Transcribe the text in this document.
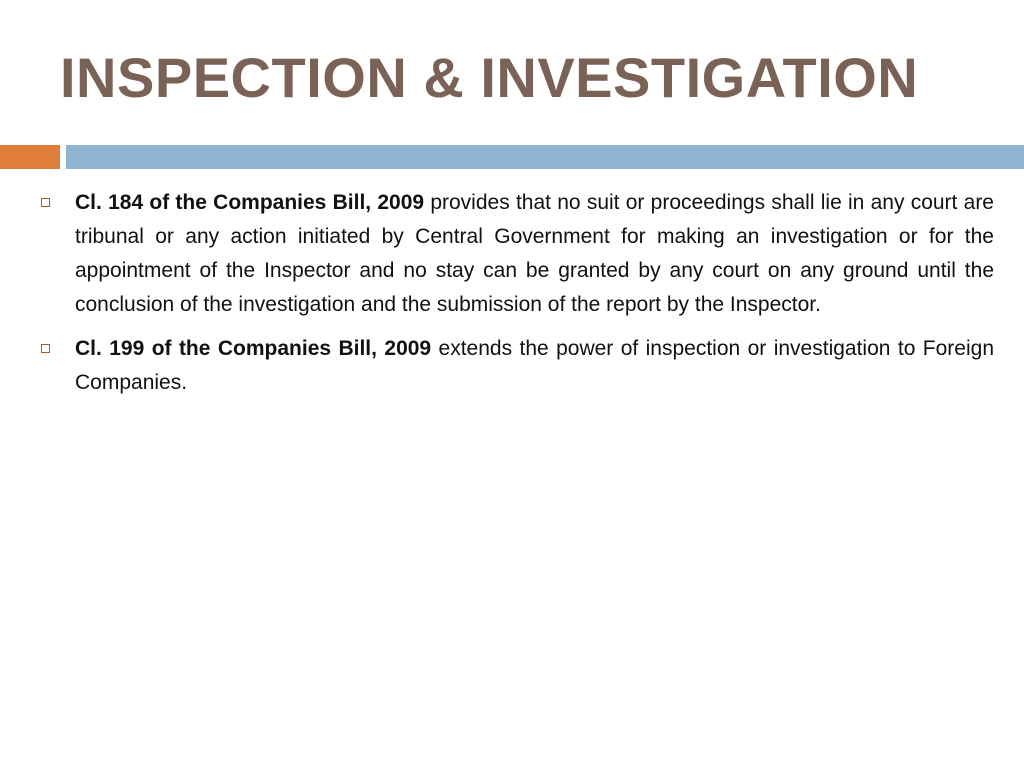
INSPECTION & INVESTIGATION
Cl. 184 of the Companies Bill, 2009 provides that no suit or proceedings shall lie in any court are tribunal or any action initiated by Central Government for making an investigation or for the appointment of the Inspector and no stay can be granted by any court on any ground until the conclusion of the investigation and the submission of the report by the Inspector.
Cl. 199 of the Companies Bill, 2009 extends the power of inspection or investigation to Foreign Companies.
